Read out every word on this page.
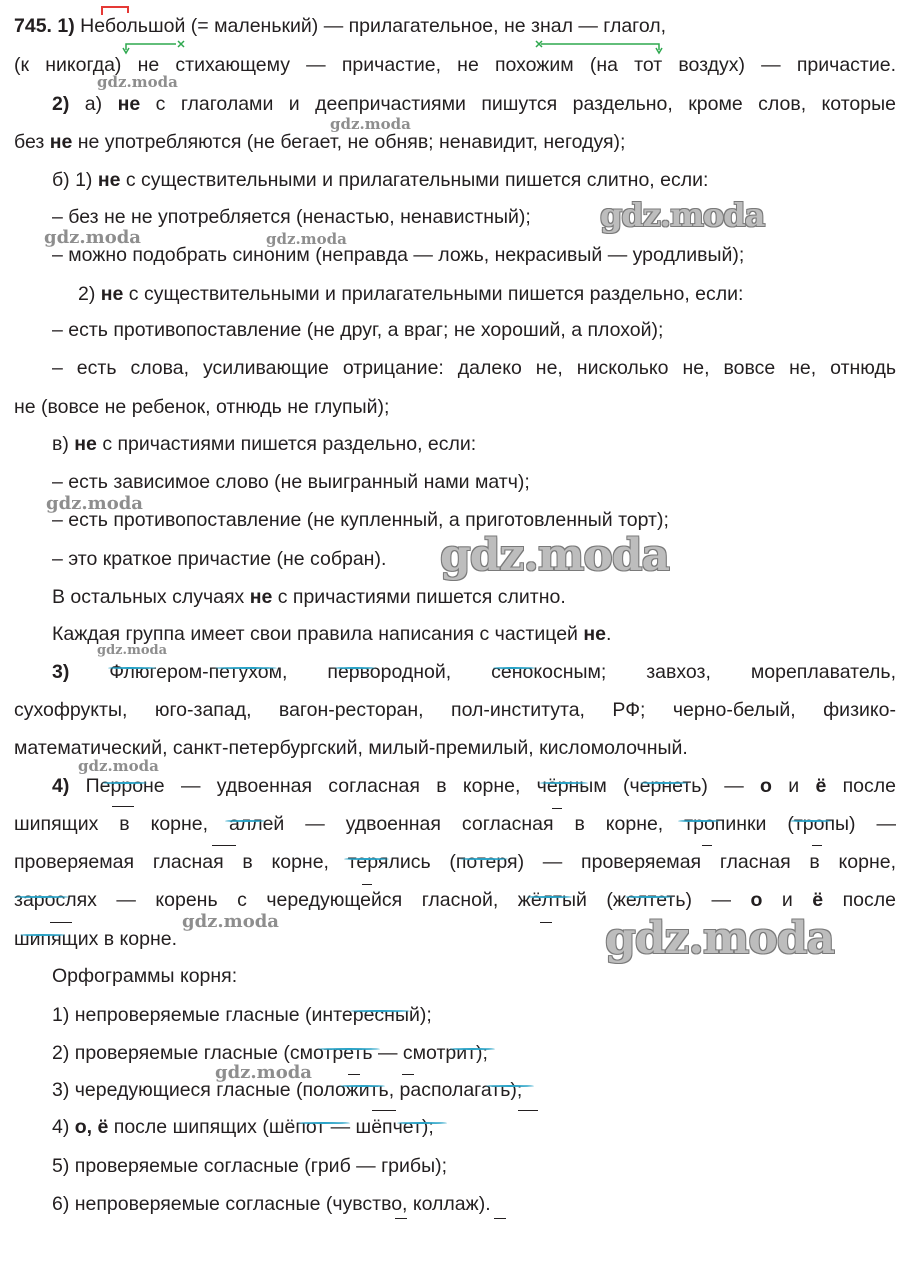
745. 1) Небольшой (= маленький) — прилагательное, не знал — глагол,
(к никогда) не стихающему — причастие, не похожим (на тот воздух) — причастие.
2) а) не с глаголами и деепричастиями пишутся раздельно, кроме слов, которые
без не не употребляются (не бегает, не обняв; ненавидит, негодуя);
б) 1) не с существительными и прилагательными пишется слитно, если:
– без не не употребляется (ненастью, ненавистный);
– можно подобрать синоним (неправда — ложь, некрасивый — уродливый);
2) не с существительными и прилагательными пишется раздельно, если:
– есть противопоставление (не друг, а враг; не хороший, а плохой);
– есть слова, усиливающие отрицание: далеко не, нисколько не, вовсе не, отнюдь
не (вовсе не ребенок, отнюдь не глупый);
в) не с причастиями пишется раздельно, если:
– есть зависимое слово (не выигранный нами матч);
– есть противопоставление (не купленный, а приготовленный торт);
– это краткое причастие (не собран).
В остальных случаях не с причастиями пишется слитно.
Каждая группа имеет свои правила написания с частицей не.
3) Флюгером-петухом, первородной, сенокосным; завхоз, мореплаватель,
сухофрукты, юго-запад, вагон-ресторан, пол-института, РФ; черно-белый, физико-
математический, санкт-петербургский, милый-премилый, кисломолочный.
4) Перроне — удвоенная согласная в корне, чёрным (чернеть) — о и ё после
шипящих в корне, аллей — удвоенная согласная в корне, тропинки (тропы) —
проверяемая гласная в корне, терялись (потеря) — проверяемая гласная в корне,
зарослях — корень с чередующейся гласной, жёлтый (желтеть) — о и ё после
шипящих в корне.
Орфограммы корня:
1) непроверяемые гласные (интересный);
2) проверяемые гласные (смотреть — смотрит);
3) чередующиеся гласные (положить, располагать);
4) о, ё после шипящих (шёпот — шёпчет);
5) проверяемые согласные (гриб — грибы);
6) непроверяемые согласные (чувство, коллаж).
gdz.moda
gdz.moda
gdz.moda
gdz.moda	gdz.moda
gdz.moda
gdz.moda
gdz.moda
gdz.moda
gdz.moda	gdz.moda
gdz.moda
